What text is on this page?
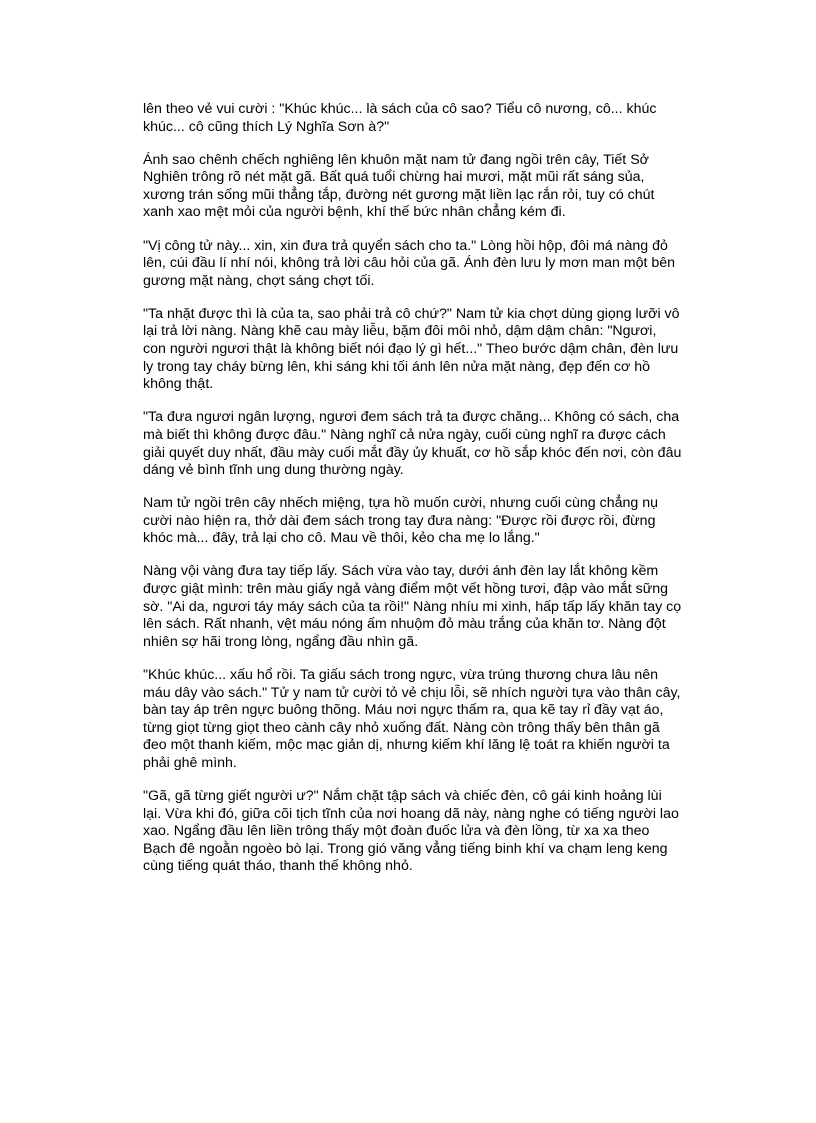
lên theo vẻ vui cười : "Khúc khúc... là sách của cô sao? Tiểu cô nương, cô... khúc khúc... cô cũng thích Lý Nghĩa Sơn à?"

Ánh sao chênh chếch nghiêng lên khuôn mặt nam tử đang ngồi trên cây, Tiết Sở Nghiên trông rõ nét mặt gã. Bất quá tuổi chừng hai mươi, mặt mũi rất sáng sủa, xương trán sống mũi thẳng tắp, đường nét gương mặt liền lạc rắn rỏi, tuy có chút xanh xao mệt mỏi của người bệnh, khí thế bức nhân chẳng kém đi.

"Vị công tử này... xin, xin đưa trả quyển sách cho ta." Lòng hồi hộp, đôi má nàng đỏ lên, cúi đầu lí nhí nói, không trả lời câu hỏi của gã. Ánh đèn lưu ly mơn man một bên gương mặt nàng, chợt sáng chợt tối.

"Ta nhặt được thì là của ta, sao phải trả cô chứ?" Nam tử kia chợt dùng giọng lưỡi vô lại trả lời nàng. Nàng khẽ cau mày liễu, bặm đôi môi nhỏ, dậm dậm chân: "Ngươi, con người ngươi thật là không biết nói đạo lý gì hết..." Theo bước dậm chân, đèn lưu ly trong tay cháy bừng lên, khi sáng khi tối ánh lên nửa mặt nàng, đẹp đến cơ hồ không thật.

"Ta đưa ngươi ngân lượng, ngươi đem sách trả ta được chăng... Không có sách, cha mà biết thì không được đâu." Nàng nghĩ cả nửa ngày, cuối cùng nghĩ ra được cách giải quyết duy nhất, đầu mày cuối mắt đầy ủy khuất, cơ hồ sắp khóc đến nơi, còn đâu dáng vẻ bình tĩnh ung dung thường ngày.

Nam tử ngồi trên cây nhếch miệng, tựa hồ muốn cười, nhưng cuối cùng chẳng nụ cười nào hiện ra, thở dài đem sách trong tay đưa nàng: "Được rồi được rồi, đừng khóc mà... đây, trả lại cho cô. Mau về thôi, kẻo cha mẹ lo lắng."

Nàng vội vàng đưa tay tiếp lấy. Sách vừa vào tay, dưới ánh đèn lay lắt không kềm được giật mình: trên màu giấy ngả vàng điểm một vết hồng tươi, đập vào mắt sững sờ. "Ai da, ngươi táy máy sách của ta rồi!" Nàng nhíu mi xinh, hấp tấp lấy khăn tay cọ lên sách. Rất nhanh, vệt máu nóng ấm nhuộm đỏ màu trắng của khăn tơ. Nàng đột nhiên sợ hãi trong lòng, ngẩng đầu nhìn gã.

"Khúc khúc... xấu hổ rồi. Ta giấu sách trong ngực, vừa trúng thương chưa lâu nên máu dây vào sách." Tử y nam tử cười tỏ vẻ chịu lỗi, sẽ nhích người tựa vào thân cây, bàn tay áp trên ngực buông thõng. Máu nơi ngực thấm ra, qua kẽ tay rỉ đầy vạt áo, từng giọt từng giọt theo cành cây nhỏ xuống đất. Nàng còn trông thấy bên thân gã đeo một thanh kiếm, mộc mạc giản dị, nhưng kiếm khí lăng lệ toát ra khiến người ta phải ghê mình.

"Gã, gã từng giết người ư?" Nắm chặt tập sách và chiếc đèn, cô gái kinh hoảng lùi lại. Vừa khi đó, giữa cõi tịch tĩnh của nơi hoang dã này, nàng nghe có tiếng người lao xao. Ngẩng đầu lên liền trông thấy một đoàn đuốc lửa và đèn lồng, từ xa xa theo Bạch đê ngoằn ngoèo bò lại. Trong gió văng vẳng tiếng binh khí va chạm leng keng cùng tiếng quát tháo, thanh thế không nhỏ.
